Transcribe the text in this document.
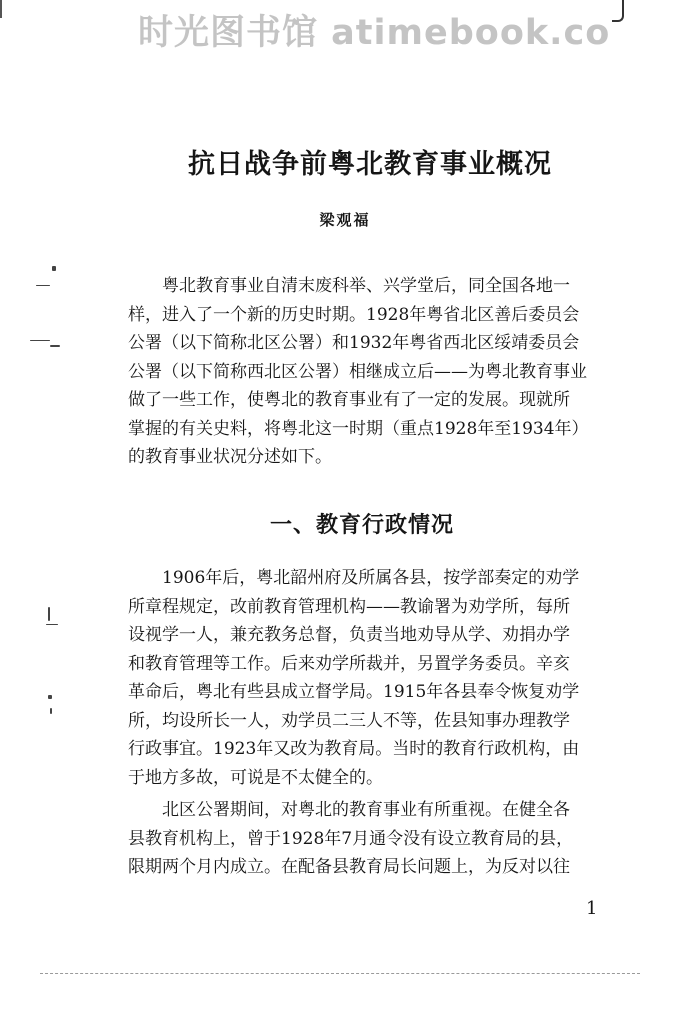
时光图书馆 atimebook.co
抗日战争前粤北教育事业概况
梁观福
粤北教育事业自清末废科举、兴学堂后，同全国各地一
样，进入了一个新的历史时期。1928年粤省北区善后委员会
公署（以下简称北区公署）和1932年粤省西北区绥靖委员会
公署（以下简称西北区公署）相继成立后——为粤北教育事业
做了一些工作，使粤北的教育事业有了一定的发展。现就所
掌握的有关史料，将粤北这一时期（重点1928年至1934年）
的教育事业状况分述如下。
一、教育行政情况
1906年后，粤北韶州府及所属各县，按学部奏定的劝学
所章程规定，改前教育管理机构——教谕署为劝学所，每所
设视学一人，兼充教务总督，负责当地劝导从学、劝捐办学
和教育管理等工作。后来劝学所裁并，另置学务委员。辛亥
革命后，粤北有些县成立督学局。1915年各县奉令恢复劝学
所，均设所长一人，劝学员二三人不等，佐县知事办理教学
行政事宜。1923年又改为教育局。当时的教育行政机构，由
于地方多故，可说是不太健全的。
北区公署期间，对粤北的教育事业有所重视。在健全各
县教育机构上，曾于1928年7月通令没有设立教育局的县，
限期两个月内成立。在配备县教育局长问题上，为反对以往
1
